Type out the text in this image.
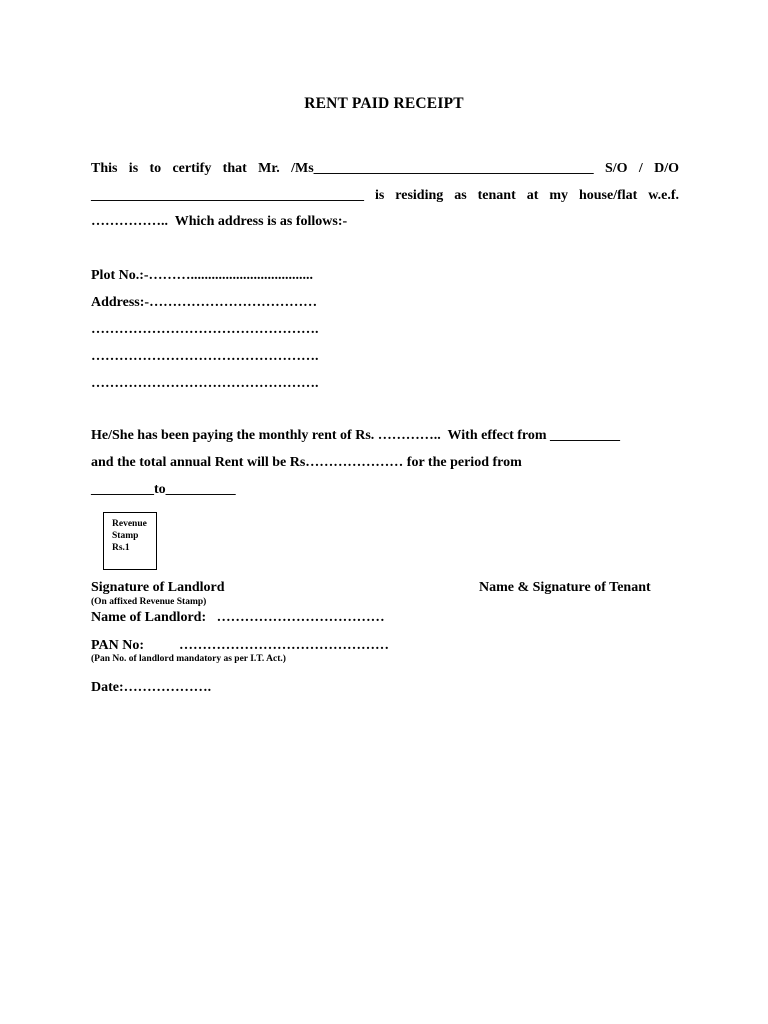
RENT PAID RECEIPT
This is to certify that Mr. /Ms________________________________________ S/O / D/O
_______________________________________ is residing as tenant at my house/flat w.e.f.
……………..  Which address is as follows:-
Plot No.:-………...................................
Address:-………………………………
………………………………………….
………………………………………….
………………………………………….
He/She has been paying the monthly rent of Rs. …………..  With effect from __________
and the total annual Rent will be Rs………………… for the period from
_________to__________
Revenue
Stamp
Rs.1
Signature of Landlord	Name & Signature of Tenant
(On affixed Revenue Stamp)
Name of Landlord:   ………………………………
PAN No:          ………………………………………
(Pan No. of landlord mandatory as per I.T. Act.)
Date:……………….
